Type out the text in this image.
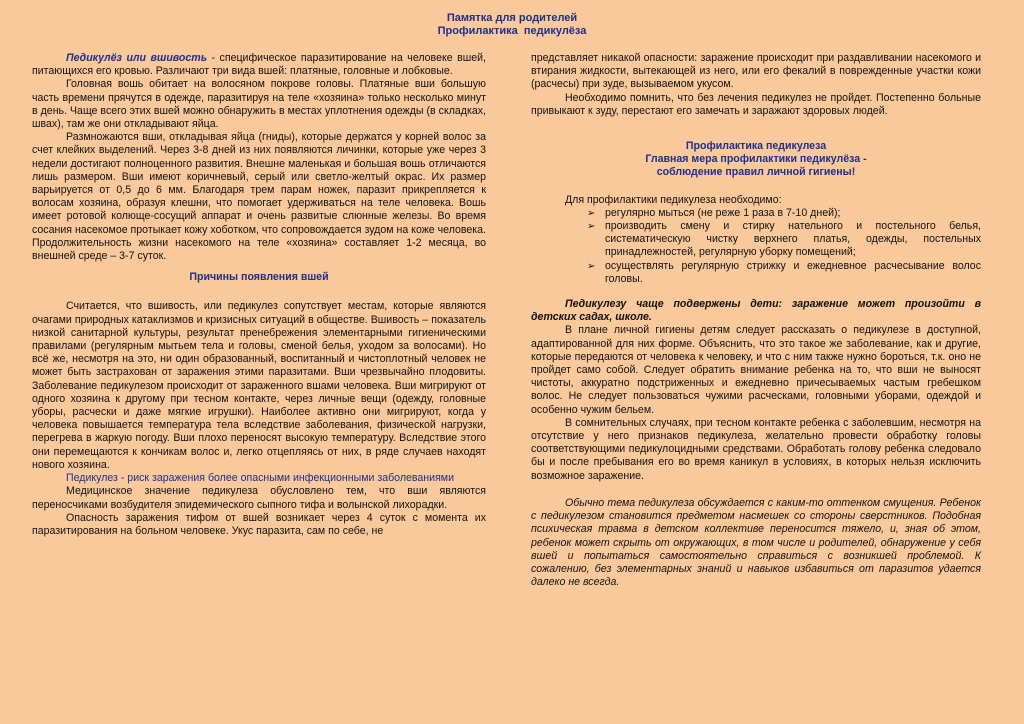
Памятка для родителей
Профилактика  педикулёза

Педикулёз или вшивость - специфическое паразитирование на человеке вшей, питающихся его кровью. Различают три вида вшей: платяные, головные и лобковые.

Головная вошь обитает на волосяном покрове головы. Платяные вши большую часть времени прячутся в одежде, паразитируя на теле «хозяина» только несколько минут в день. Чаще всего этих вшей можно обнаружить в местах уплотнения одежды (в складках, швах), там же они откладывают яйца.

Размножаются вши, откладывая яйца (гниды), которые держатся у корней волос за счет клейких выделений. Через 3-8 дней из них появляются личинки, которые уже через 3 недели достигают полноценного развития. Внешне маленькая и большая вошь отличаются лишь размером. Вши имеют коричневый, серый или светло-желтый окрас. Их размер варьируется от 0,5 до 6 мм. Благодаря трем парам ножек, паразит прикрепляется к волосам хозяина, образуя клешни, что помогает удерживаться на теле человека. Вошь имеет ротовой колюще-сосущий аппарат и очень развитые слюнные железы. Во время сосания насекомое протыкает кожу хоботком, что сопровождается зудом на коже человека. Продолжительность жизни насекомого на теле «хозяина» составляет 1-2 месяца, во внешней среде – 3-7 суток.

Причины появления вшей

Считается, что вшивость, или педикулез сопутствует местам, которые являются очагами природных катаклизмов и кризисных ситуаций в обществе. Вшивость – показатель низкой санитарной культуры, результат пренебрежения элементарными гигиеническими правилами (регулярным мытьем тела и головы, сменой белья, уходом за волосами). Но всё же, несмотря на это, ни один образованный, воспитанный и чистоплотный человек не может быть застрахован от заражения этими паразитами. Вши чрезвычайно плодовиты. Заболевание педикулезом происходит от зараженного вшами человека. Вши мигрируют от одного хозяина к другому при тесном контакте, через личные вещи (одежду, головные уборы, расчески и даже мягкие игрушки). Наиболее активно они мигрируют, когда у человека повышается температура тела вследствие заболевания, физической нагрузки, перегрева в жаркую погоду. Вши плохо переносят высокую температуру. Вследствие этого они перемещаются к кончикам волос и, легко отцепляясь от них, в ряде случаев находят нового хозяина.

Педикулез - риск заражения более опасными инфекционными заболеваниями

Медицинское значение педикулеза обусловлено тем, что вши являются переносчиками возбудителя эпидемического сыпного тифа и волынской лихорадки.

Опасность заражения тифом от вшей возникает через 4 суток с момента их паразитирования на больном человеке. Укус паразита, сам по себе, не

представляет никакой опасности: заражение происходит при раздавливании насекомого и втирания жидкости, вытекающей из него, или его фекалий в поврежденные участки кожи (расчесы) при зуде, вызываемом укусом.

Необходимо помнить, что без лечения педикулез не пройдет. Постепенно больные привыкают к зуду, перестают его замечать и заражают здоровых людей.

Профилактика педикулеза
Главная мера профилактики педикулёза -
соблюдение правил личной гигиены!

Для профилактики педикулеза необходимо:

➢ регулярно мыться (не реже 1 раза в 7-10 дней);
➢ производить смену и стирку нательного и постельного белья, систематическую чистку верхнего платья, одежды, постельных принадлежностей, регулярную уборку помещений;
➢ осуществлять регулярную стрижку и ежедневное расчесывание волос головы.

Педикулезу чаще подвержены дети: заражение может произойти в детских садах, школе.

В плане личной гигиены детям следует рассказать о педикулезе в доступной, адаптированной для них форме. Объяснить, что это такое же заболевание, как и другие, которые передаются от человека к человеку, и что с ним также нужно бороться, т.к. оно не пройдет само собой. Следует обратить внимание ребенка на то, что вши не выносят чистоты, аккуратно подстриженных и ежедневно причесываемых частым гребешком волос. Не следует пользоваться чужими расческами, головными уборами, одеждой и особенно чужим бельем.

В сомнительных случаях, при тесном контакте ребенка с заболевшим, несмотря на отсутствие у него признаков педикулеза, желательно провести обработку головы соответствующими педикулоцидными средствами. Обработать голову ребенка следовало бы и после пребывания его во время каникул в условиях, в которых нельзя исключить возможное заражение.

Обычно тема педикулеза обсуждается с каким-то оттенком смущения. Ребенок с педикулезом становится предметом насмешек со стороны сверстников. Подобная психическая травма в детском коллективе переносится тяжело, и, зная об этом, ребенок может скрыть от окружающих, в том числе и родителей, обнаружение у себя вшей и попытаться самостоятельно справиться с возникшей проблемой. К сожалению, без элементарных знаний и навыков избавиться от паразитов удается далеко не всегда.
